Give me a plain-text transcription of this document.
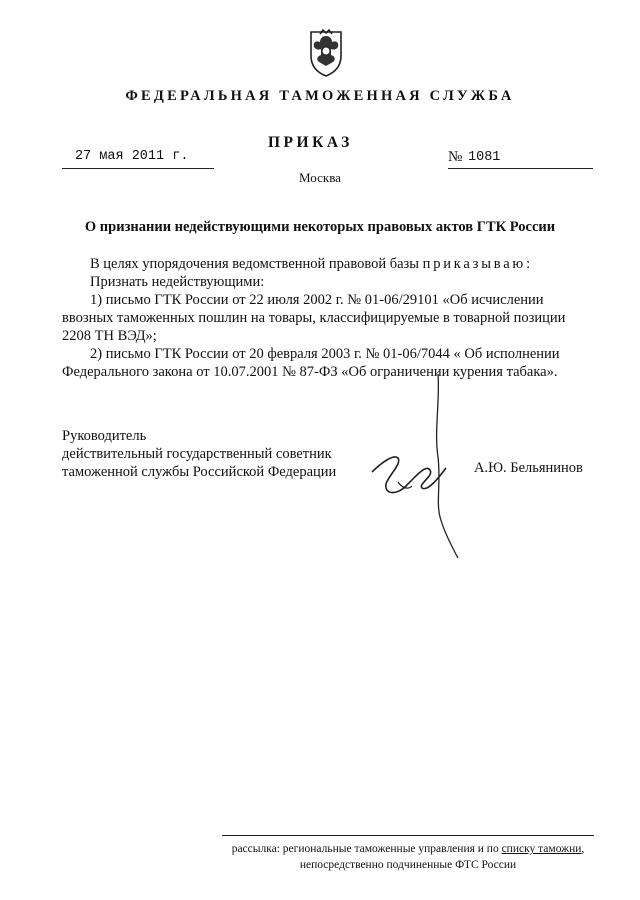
ФЕДЕРАЛЬНАЯ ТАМОЖЕННАЯ СЛУЖБА
ПРИКАЗ
27 мая 2011 г.	№ 1081
Москва
О признании недействующими некоторых правовых актов ГТК России

В целях упорядочения ведомственной правовой базы приказываю:

Признать недействующими:

1) письмо ГТК России от 22 июля 2002 г. № 01-06/29101 «Об исчислении

ввозных таможенных пошлин на товары, классифицируемые в товарной позиции

2208 ТН ВЭД»;

2) письмо ГТК России от 20 февраля 2003 г. № 01-06/7044 « Об исполнении

Федерального закона от 10.07.2001 № 87-ФЗ «Об ограничении курения табака».

Руководитель

действительный государственный советник

таможенной службы Российской Федерации	А.Ю. Бельянинов

рассылка: региональные таможенные управления и по списку таможни,

непосредственно подчиненные ФТС России
